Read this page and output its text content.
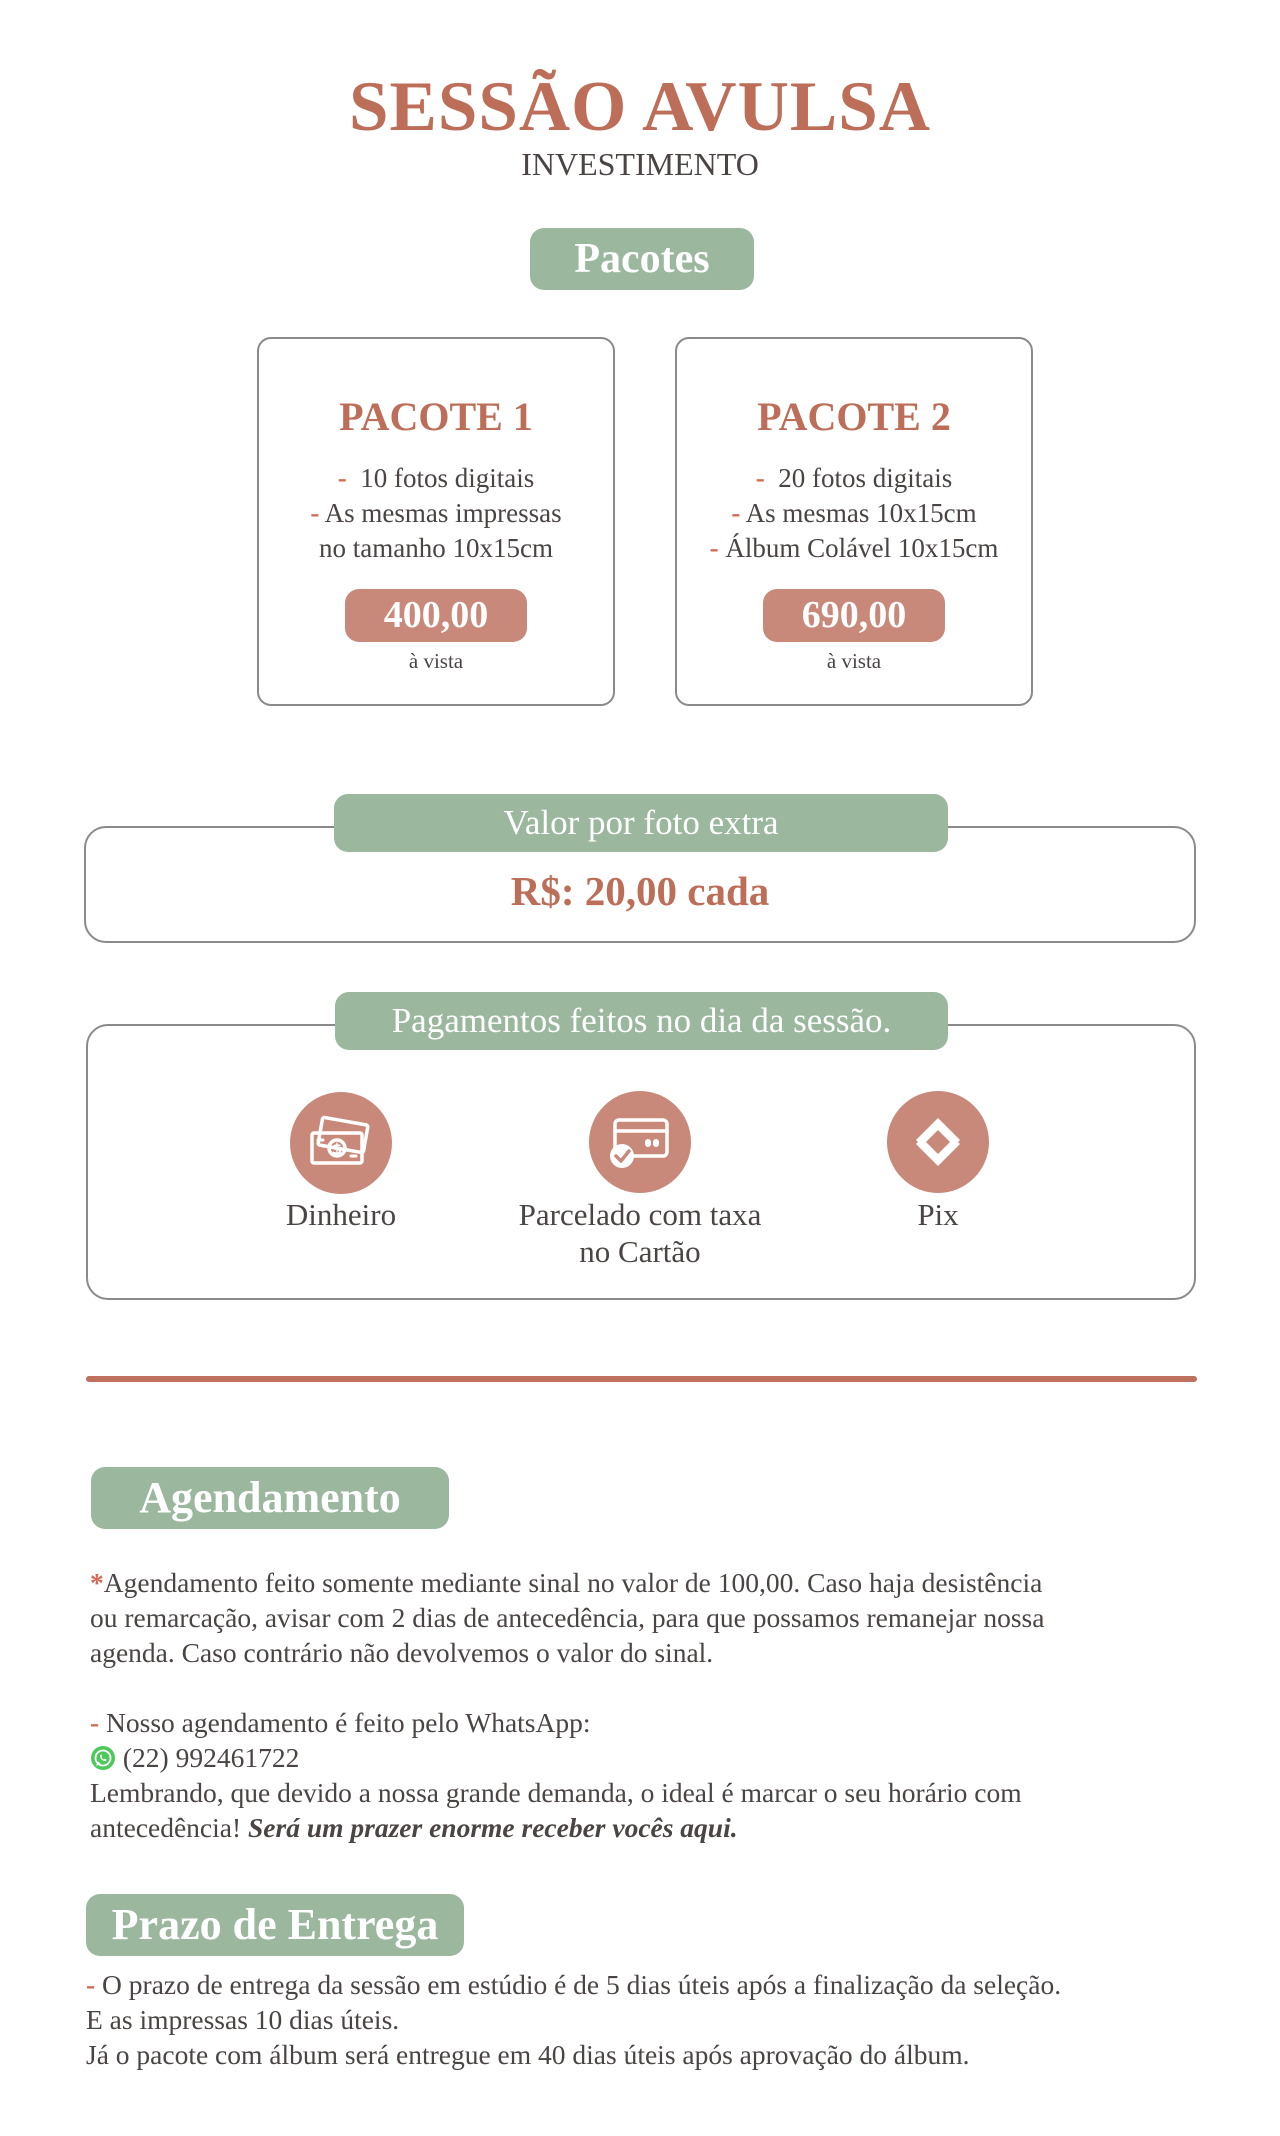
SESSÃO AVULSA
INVESTIMENTO
Pacotes
PACOTE 1
- 10 fotos digitais
- As mesmas impressas
no tamanho 10x15cm
400,00
à vista
PACOTE 2
- 20 fotos digitais
- As mesmas 10x15cm
- Álbum Colável 10x15cm
690,00
à vista
Valor por foto extra
R$: 20,00 cada
Pagamentos feitos no dia da sessão.
$
Dinheiro	Parcelado com taxa
no Cartão
Pix
Agendamento
*Agendamento feito somente mediante sinal no valor de 100,00. Caso haja desistência
ou remarcação, avisar com 2 dias de antecedência, para que possamos remanejar nossa
agenda. Caso contrário não devolvemos o valor do sinal.
- Nosso agendamento é feito pelo WhatsApp:
(22) 992461722
Lembrando, que devido a nossa grande demanda, o ideal é marcar o seu horário com
antecedência! Será um prazer enorme receber vocês aqui.
Prazo de Entrega
- O prazo de entrega da sessão em estúdio é de 5 dias úteis após a finalização da seleção.
E as impressas 10 dias úteis.
Já o pacote com álbum será entregue em 40 dias úteis após aprovação do álbum.
